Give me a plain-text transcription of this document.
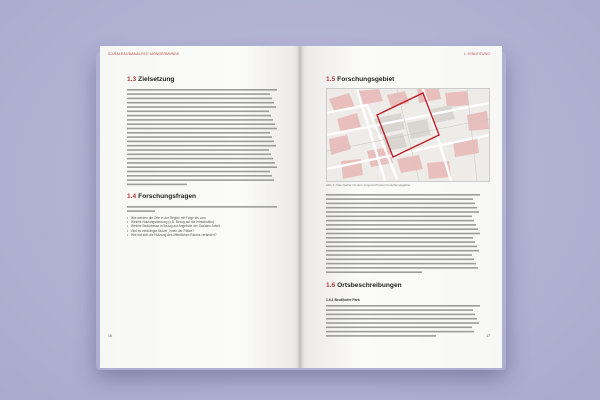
SOZIALRAUMANALYSE: MÖNDERMÜNDE
1.3 Zielsetzung
1.4 Forschungsfragen
• Wie werden die Orte in der Region mit Folge bis vom
• Welche Nutzungsdeutung (z.B. Bezug auf die Infrastruktur)
• Welche Bedürfnisse in Bezug auf Angebote der Sozialen Arbeit
• Gibt es verdrängte Nutzer_innen der Plätze?
• Wie hat sich die Nutzung des öffentlichen Raums verändert?
16
1. EINLEITUNG
1.5 Forschungsgebiet
Abb. 1: Das Gebiet mit dem eingezeichneten Forschungsgebiet
1.6 Ortsbeschreibungen
1.6.1 Beutlhofer Park
17
